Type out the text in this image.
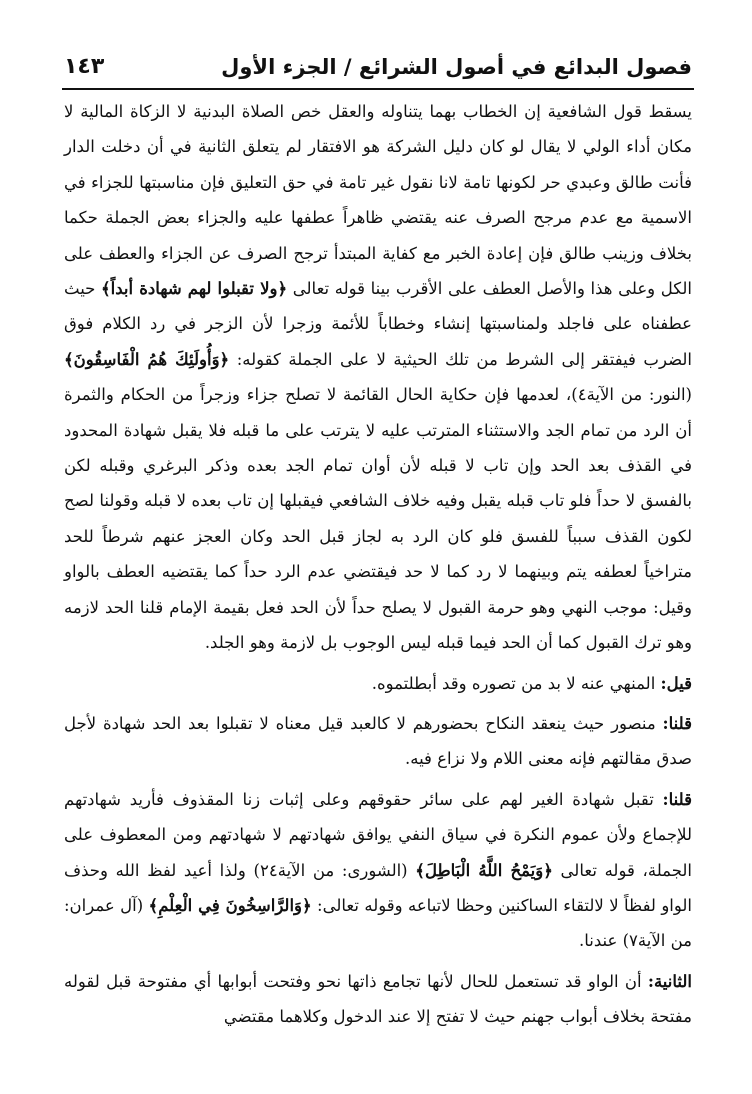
فصول البدائع في أصول الشرائع / الجزء الأول
١٤٣

يسقط قول الشافعية إن الخطاب بهما يتناوله والعقل خص الصلاة البدنية لا الزكاة المالية لا مكان أداء الولي لا يقال لو كان دليل الشركة هو الافتقار لم يتعلق الثانية في أن دخلت الدار فأنت طالق وعبدي حر لكونها تامة لانا نقول غير تامة في حق التعليق فإن مناسبتها للجزاء في الاسمية مع عدم مرجح الصرف عنه يقتضي ظاهراً عطفها عليه والجزاء بعض الجملة حكما بخلاف وزينب طالق فإن إعادة الخبر مع كفاية المبتدأ ترجح الصرف عن الجزاء والعطف على الكل وعلى هذا والأصل العطف على الأقرب بينا قوله تعالى ﴿ولا تقبلوا لهم شهادة أبداً﴾ حيث عطفناه على فاجلد ولمناسبتها إنشاء وخطاباً للأئمة وزجرا لأن الزجر في رد الكلام فوق الضرب فيفتقر إلى الشرط من تلك الحيثية لا على الجملة كقوله: ﴿وَأُولَئِكَ هُمُ الْفَاسِقُونَ﴾ (النور: من الآية٤)، لعدمها فإن حكاية الحال القائمة لا تصلح جزاء وزجراً من الحكام والثمرة أن الرد من تمام الجد والاستثناء المترتب عليه لا يترتب على ما قبله فلا يقبل شهادة المحدود في القذف بعد الحد وإن تاب لا قبله لأن أوان تمام الجد بعده وذكر البرغري وقبله لكن بالفسق لا حداً فلو تاب قبله يقبل وفيه خلاف الشافعي فيقبلها إن تاب بعده لا قبله وقولنا لصح لكون القذف سبباً للفسق فلو كان الرد به لجاز قبل الحد وكان العجز عنهم شرطاً للحد متراخياً لعطفه يتم وبينهما لا رد كما لا حد فيقتضي عدم الرد حداً كما يقتضيه العطف بالواو وقيل: موجب النهي وهو حرمة القبول لا يصلح حداً لأن الحد فعل بقيمة الإمام قلنا الحد لازمه وهو ترك القبول كما أن الحد فيما قبله ليس الوجوب بل لازمة وهو الجلد.

قيل: المنهي عنه لا بد من تصوره وقد أبطلتموه.

قلنا: منصور حيث ينعقد النكاح بحضورهم لا كالعبد قيل معناه لا تقبلوا بعد الحد شهادة لأجل صدق مقالتهم فإنه معنى اللام ولا نزاع فيه.

قلنا: تقبل شهادة الغير لهم على سائر حقوقهم وعلى إثبات زنا المقذوف فأريد شهادتهم للإجماع ولأن عموم النكرة في سياق النفي يوافق شهادتهم لا شهادتهم ومن المعطوف على الجملة، قوله تعالى ﴿وَيَمْحُ اللَّهُ الْبَاطِلَ﴾ (الشورى: من الآية٢٤) ولذا أعيد لفظ الله وحذف الواو لفظاً لا لالتقاء الساكنين وحظا لاتباعه وقوله تعالى: ﴿وَالرَّاسِخُونَ فِي الْعِلْمِ﴾ (آل عمران: من الآية٧) عندنا.

الثانية: أن الواو قد تستعمل للحال لأنها تجامع ذاتها نحو وفتحت أبوابها أي مفتوحة قبل لقوله مفتحة بخلاف أبواب جهنم حيث لا تفتح إلا عند الدخول وكلاهما مقتضي
